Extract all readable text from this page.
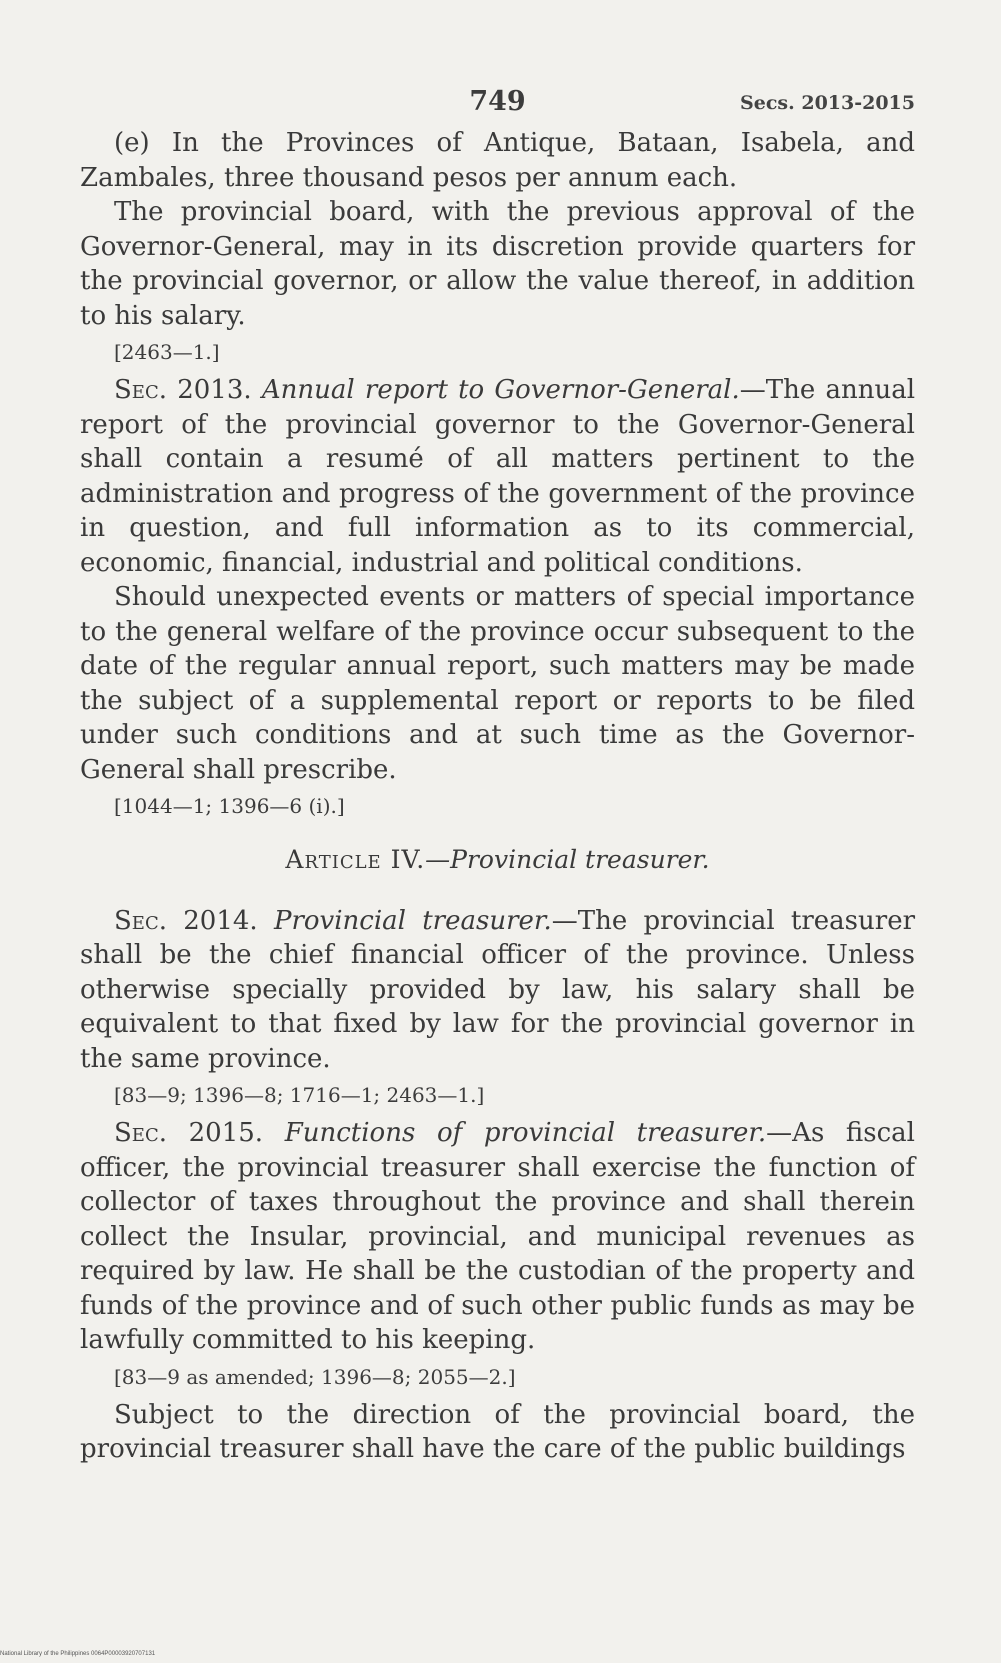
749	Secs. 2013-2015

(e) In the Provinces of Antique, Bataan, Isabela, and Zambales, three thousand pesos per annum each.

The provincial board, with the previous approval of the Governor-General, may in its discretion provide quarters for the provincial governor, or allow the value thereof, in addition to his salary.

[2463—1.]

Sec. 2013. Annual report to Governor-General.—The annual report of the provincial governor to the Governor-General shall contain a resumé of all matters pertinent to the administration and progress of the government of the province in question, and full information as to its commercial, economic, financial, industrial and political conditions.

Should unexpected events or matters of special importance to the general welfare of the province occur subsequent to the date of the regular annual report, such matters may be made the subject of a supplemental report or reports to be filed under such conditions and at such time as the Governor-General shall prescribe.

[1044—1; 1396—6 (i).]

Article IV.—Provincial treasurer.

Sec. 2014. Provincial treasurer.—The provincial treasurer shall be the chief financial officer of the province. Unless otherwise specially provided by law, his salary shall be equivalent to that fixed by law for the provincial governor in the same province.

[83—9; 1396—8; 1716—1; 2463—1.]

Sec. 2015. Functions of provincial treasurer.—As fiscal officer, the provincial treasurer shall exercise the function of collector of taxes throughout the province and shall therein collect the Insular, provincial, and municipal revenues as required by law. He shall be the custodian of the property and funds of the province and of such other public funds as may be lawfully committed to his keeping.

[83—9 as amended; 1396—8; 2055—2.]

Subject to the direction of the provincial board, the provincial treasurer shall have the care of the public buildings

National Library of the Philippines 0064P00003920707131
